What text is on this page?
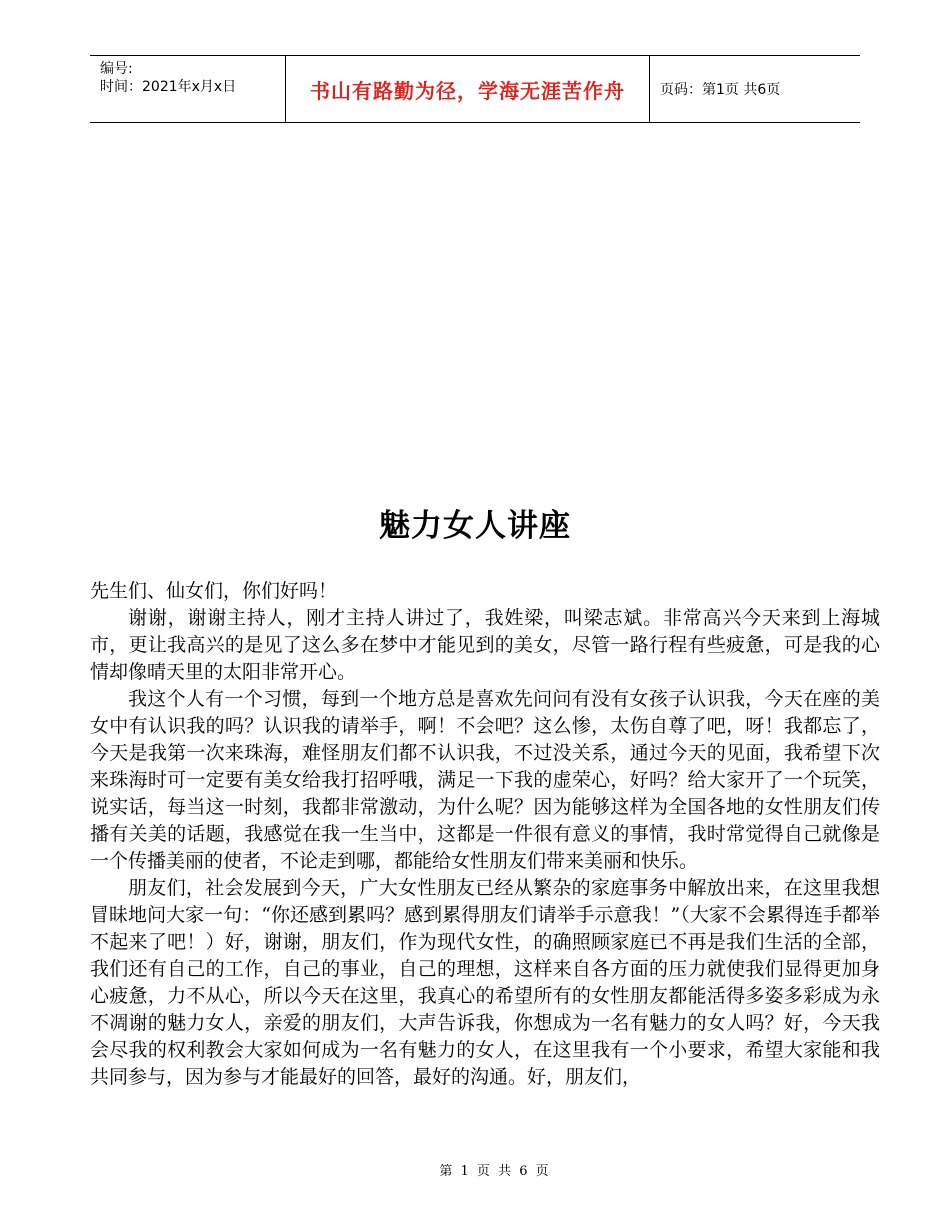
编号:
时间：2021年x月x日	书山有路勤为径，学海无涯苦作舟	页码：第1页 共6页
魅力女人讲座

先生们、仙女们，你们好吗！

谢谢，谢谢主持人，刚才主持人讲过了，我姓梁，叫梁志斌。非常高兴今天来到上海城市，更让我高兴的是见了这么多在梦中才能见到的美女，尽管一路行程有些疲惫，可是我的心情却像晴天里的太阳非常开心。

我这个人有一个习惯，每到一个地方总是喜欢先问问有没有女孩子认识我，今天在座的美女中有认识我的吗？认识我的请举手，啊！不会吧？这么惨，太伤自尊了吧，呀！我都忘了，今天是我第一次来珠海，难怪朋友们都不认识我，不过没关系，通过今天的见面，我希望下次来珠海时可一定要有美女给我打招呼哦，满足一下我的虚荣心，好吗？给大家开了一个玩笑，说实话，每当这一时刻，我都非常激动，为什么呢？因为能够这样为全国各地的女性朋友们传播有关美的话题，我感觉在我一生当中，这都是一件很有意义的事情，我时常觉得自己就像是一个传播美丽的使者，不论走到哪，都能给女性朋友们带来美丽和快乐。

朋友们，社会发展到今天，广大女性朋友已经从繁杂的家庭事务中解放出来，在这里我想冒昧地问大家一句：“你还感到累吗？感到累得朋友们请举手示意我！”（大家不会累得连手都举不起来了吧！）好，谢谢，朋友们，作为现代女性，的确照顾家庭已不再是我们生活的全部，我们还有自己的工作，自己的事业，自己的理想，这样来自各方面的压力就使我们显得更加身心疲惫，力不从心，所以今天在这里，我真心的希望所有的女性朋友都能活得多姿多彩成为永不凋谢的魅力女人，亲爱的朋友们，大声告诉我，你想成为一名有魅力的女人吗？好，今天我会尽我的权利教会大家如何成为一名有魅力的女人，在这里我有一个小要求，希望大家能和我共同参与，因为参与才能最好的回答，最好的沟通。好，朋友们，

第 1 页 共 6 页
